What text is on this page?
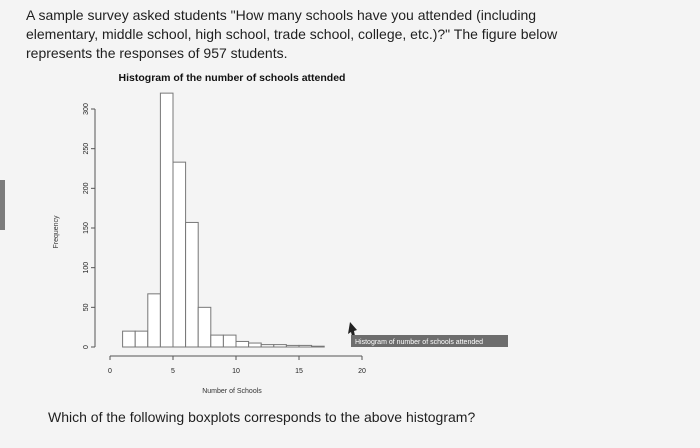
A sample survey asked students "How many schools have you attended (including

elementary, middle school, high school, trade school, college, etc.)?" The figure below

represents the responses of 957 students.

Histogram of the number of schools attended
Frequency
Number of Schools
0
50
100
150
200
250
300
0	5	10	15	20
Histogram of number of schools attended
Which of the following boxplots corresponds to the above histogram?
